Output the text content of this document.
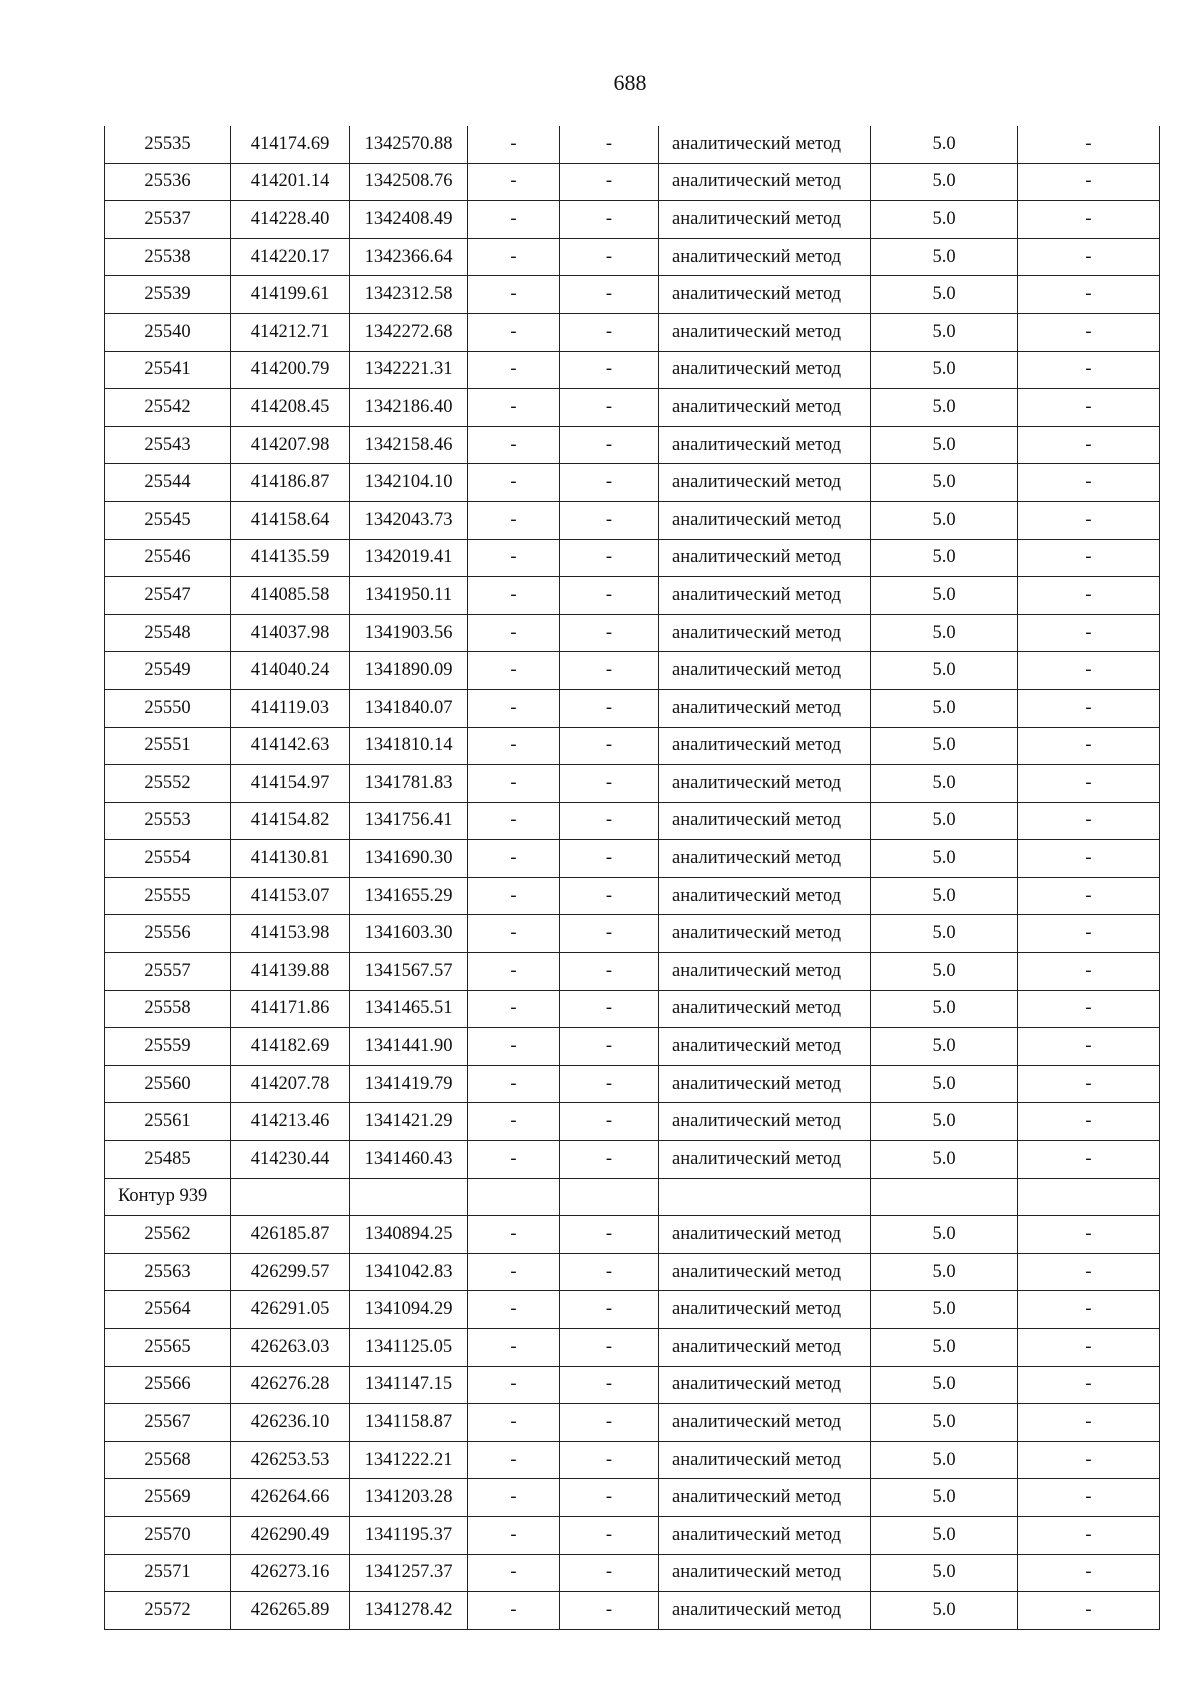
688
25535	414174.69	1342570.88	-	-	аналитический метод	5.0	-
25536	414201.14	1342508.76	-	-	аналитический метод	5.0	-
25537	414228.40	1342408.49	-	-	аналитический метод	5.0	-
25538	414220.17	1342366.64	-	-	аналитический метод	5.0	-
25539	414199.61	1342312.58	-	-	аналитический метод	5.0	-
25540	414212.71	1342272.68	-	-	аналитический метод	5.0	-
25541	414200.79	1342221.31	-	-	аналитический метод	5.0	-
25542	414208.45	1342186.40	-	-	аналитический метод	5.0	-
25543	414207.98	1342158.46	-	-	аналитический метод	5.0	-
25544	414186.87	1342104.10	-	-	аналитический метод	5.0	-
25545	414158.64	1342043.73	-	-	аналитический метод	5.0	-
25546	414135.59	1342019.41	-	-	аналитический метод	5.0	-
25547	414085.58	1341950.11	-	-	аналитический метод	5.0	-
25548	414037.98	1341903.56	-	-	аналитический метод	5.0	-
25549	414040.24	1341890.09	-	-	аналитический метод	5.0	-
25550	414119.03	1341840.07	-	-	аналитический метод	5.0	-
25551	414142.63	1341810.14	-	-	аналитический метод	5.0	-
25552	414154.97	1341781.83	-	-	аналитический метод	5.0	-
25553	414154.82	1341756.41	-	-	аналитический метод	5.0	-
25554	414130.81	1341690.30	-	-	аналитический метод	5.0	-
25555	414153.07	1341655.29	-	-	аналитический метод	5.0	-
25556	414153.98	1341603.30	-	-	аналитический метод	5.0	-
25557	414139.88	1341567.57	-	-	аналитический метод	5.0	-
25558	414171.86	1341465.51	-	-	аналитический метод	5.0	-
25559	414182.69	1341441.90	-	-	аналитический метод	5.0	-
25560	414207.78	1341419.79	-	-	аналитический метод	5.0	-
25561	414213.46	1341421.29	-	-	аналитический метод	5.0	-
25485	414230.44	1341460.43	-	-	аналитический метод	5.0	-
Контур 939							
25562	426185.87	1340894.25	-	-	аналитический метод	5.0	-
25563	426299.57	1341042.83	-	-	аналитический метод	5.0	-
25564	426291.05	1341094.29	-	-	аналитический метод	5.0	-
25565	426263.03	1341125.05	-	-	аналитический метод	5.0	-
25566	426276.28	1341147.15	-	-	аналитический метод	5.0	-
25567	426236.10	1341158.87	-	-	аналитический метод	5.0	-
25568	426253.53	1341222.21	-	-	аналитический метод	5.0	-
25569	426264.66	1341203.28	-	-	аналитический метод	5.0	-
25570	426290.49	1341195.37	-	-	аналитический метод	5.0	-
25571	426273.16	1341257.37	-	-	аналитический метод	5.0	-
25572	426265.89	1341278.42	-	-	аналитический метод	5.0	-
